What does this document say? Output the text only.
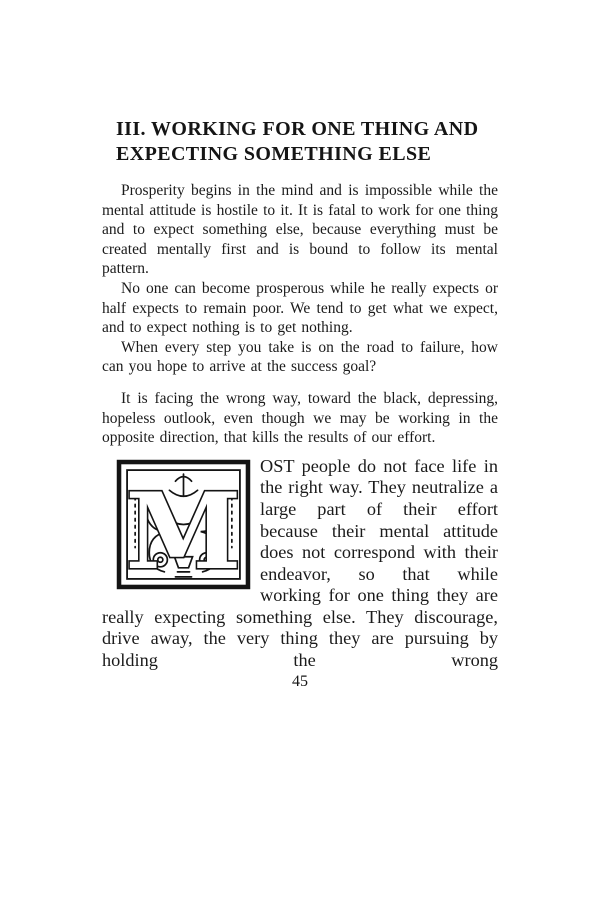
III. WORKING FOR ONE THING AND
EXPECTING SOMETHING ELSE

Prosperity begins in the mind and is impossible while the mental attitude is hostile to it. It is fatal to work for one thing and to expect something else, because everything must be created mentally first and is bound to follow its mental pattern.

No one can become prosperous while he really expects or half expects to remain poor. We tend to get what we expect, and to expect nothing is to get nothing.

When every step you take is on the road to failure, how can you hope to arrive at the success goal?

It is facing the wrong way, toward the black, depressing, hopeless outlook, even though we may be working in the opposite direction, that kills the results of our effort.

M
OST people do not face life in the right way. They neutralize a large part of their effort because their mental attitude does not correspond with their endeavor, so that while working for one thing they are really expecting something else. They discourage, drive away, the very thing they are pursuing by holding the wrong
45
